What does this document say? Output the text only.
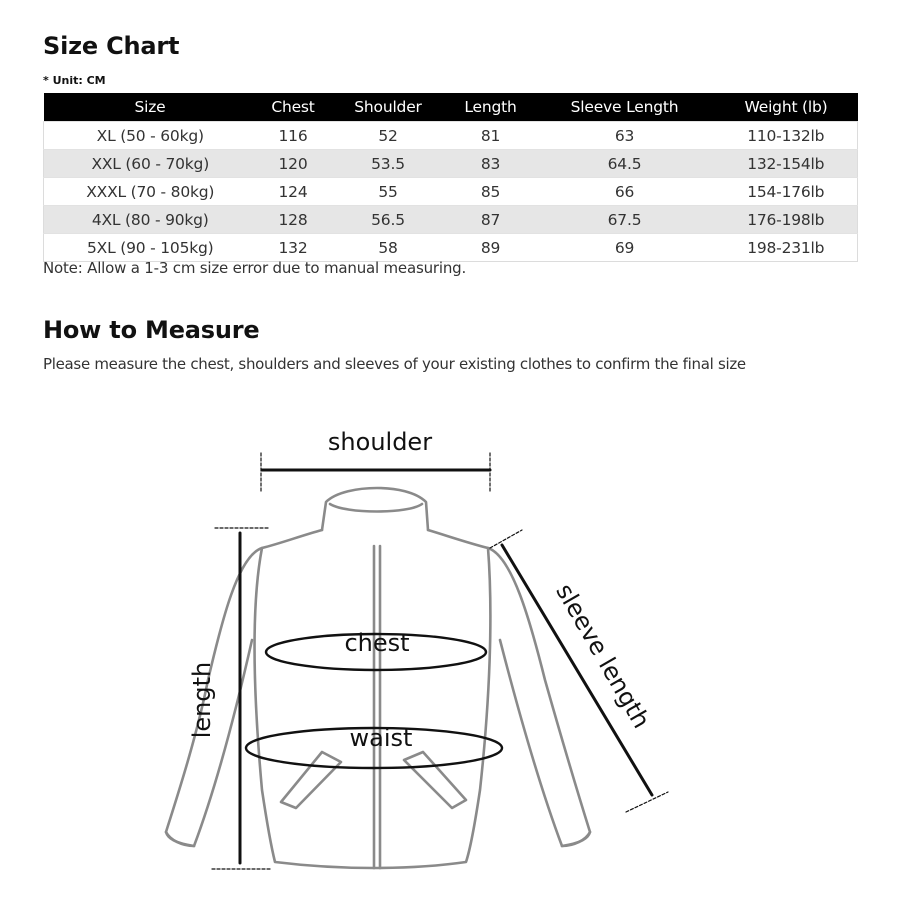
Size Chart
* Unit: CM
Size	Chest	Shoulder	Length	Sleeve Length	Weight (lb)
XL (50 - 60kg)	116	52	81	63	110-132lb
XXL (60 - 70kg)	120	53.5	83	64.5	132-154lb
XXXL (70 - 80kg)	124	55	85	66	154-176lb
4XL (80 - 90kg)	128	56.5	87	67.5	176-198lb
5XL (90 - 105kg)	132	58	89	69	198-231lb
Note: Allow a 1-3 cm size error due to manual measuring.
How to Measure
Please measure the chest, shoulders and sleeves of your existing clothes to confirm the final size
shoulder
chest
waist
length	sleeve length
